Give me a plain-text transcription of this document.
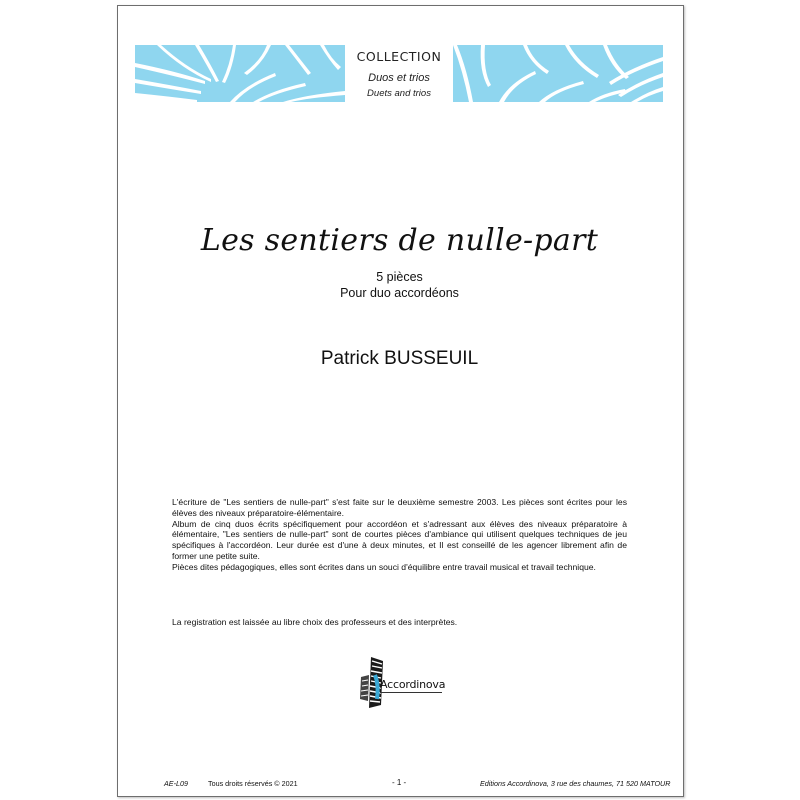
COLLECTION
Duos et trios
Duets and trios
Les sentiers de nulle-part
5 pièces
Pour duo accordéons
Patrick BUSSEUIL

L'écriture de "Les sentiers de nulle-part" s'est faite sur le deuxième semestre 2003. Les pièces sont écrites pour les élèves des niveaux préparatoire-élémentaire.

Album de cinq duos écrits spécifiquement pour accordéon et s'adressant aux élèves des niveaux préparatoire à élémentaire, "Les sentiers de nulle-part" sont de courtes pièces d'ambiance qui utilisent quelques techniques de jeu spécifiques à l'accordéon. Leur durée est d'une à deux minutes, et Il est conseillé de les agencer librement afin de former une petite suite.

Pièces dites pédagogiques, elles sont écrites dans un souci d'équilibre entre travail musical et travail technique.

La registration est laissée au libre choix des professeurs et des interprètes.
Accordinova
AE-L09	Tous droits réservés © 2021	- 1 -	Editions Accordinova, 3 rue des chaumes, 71 520 MATOUR
